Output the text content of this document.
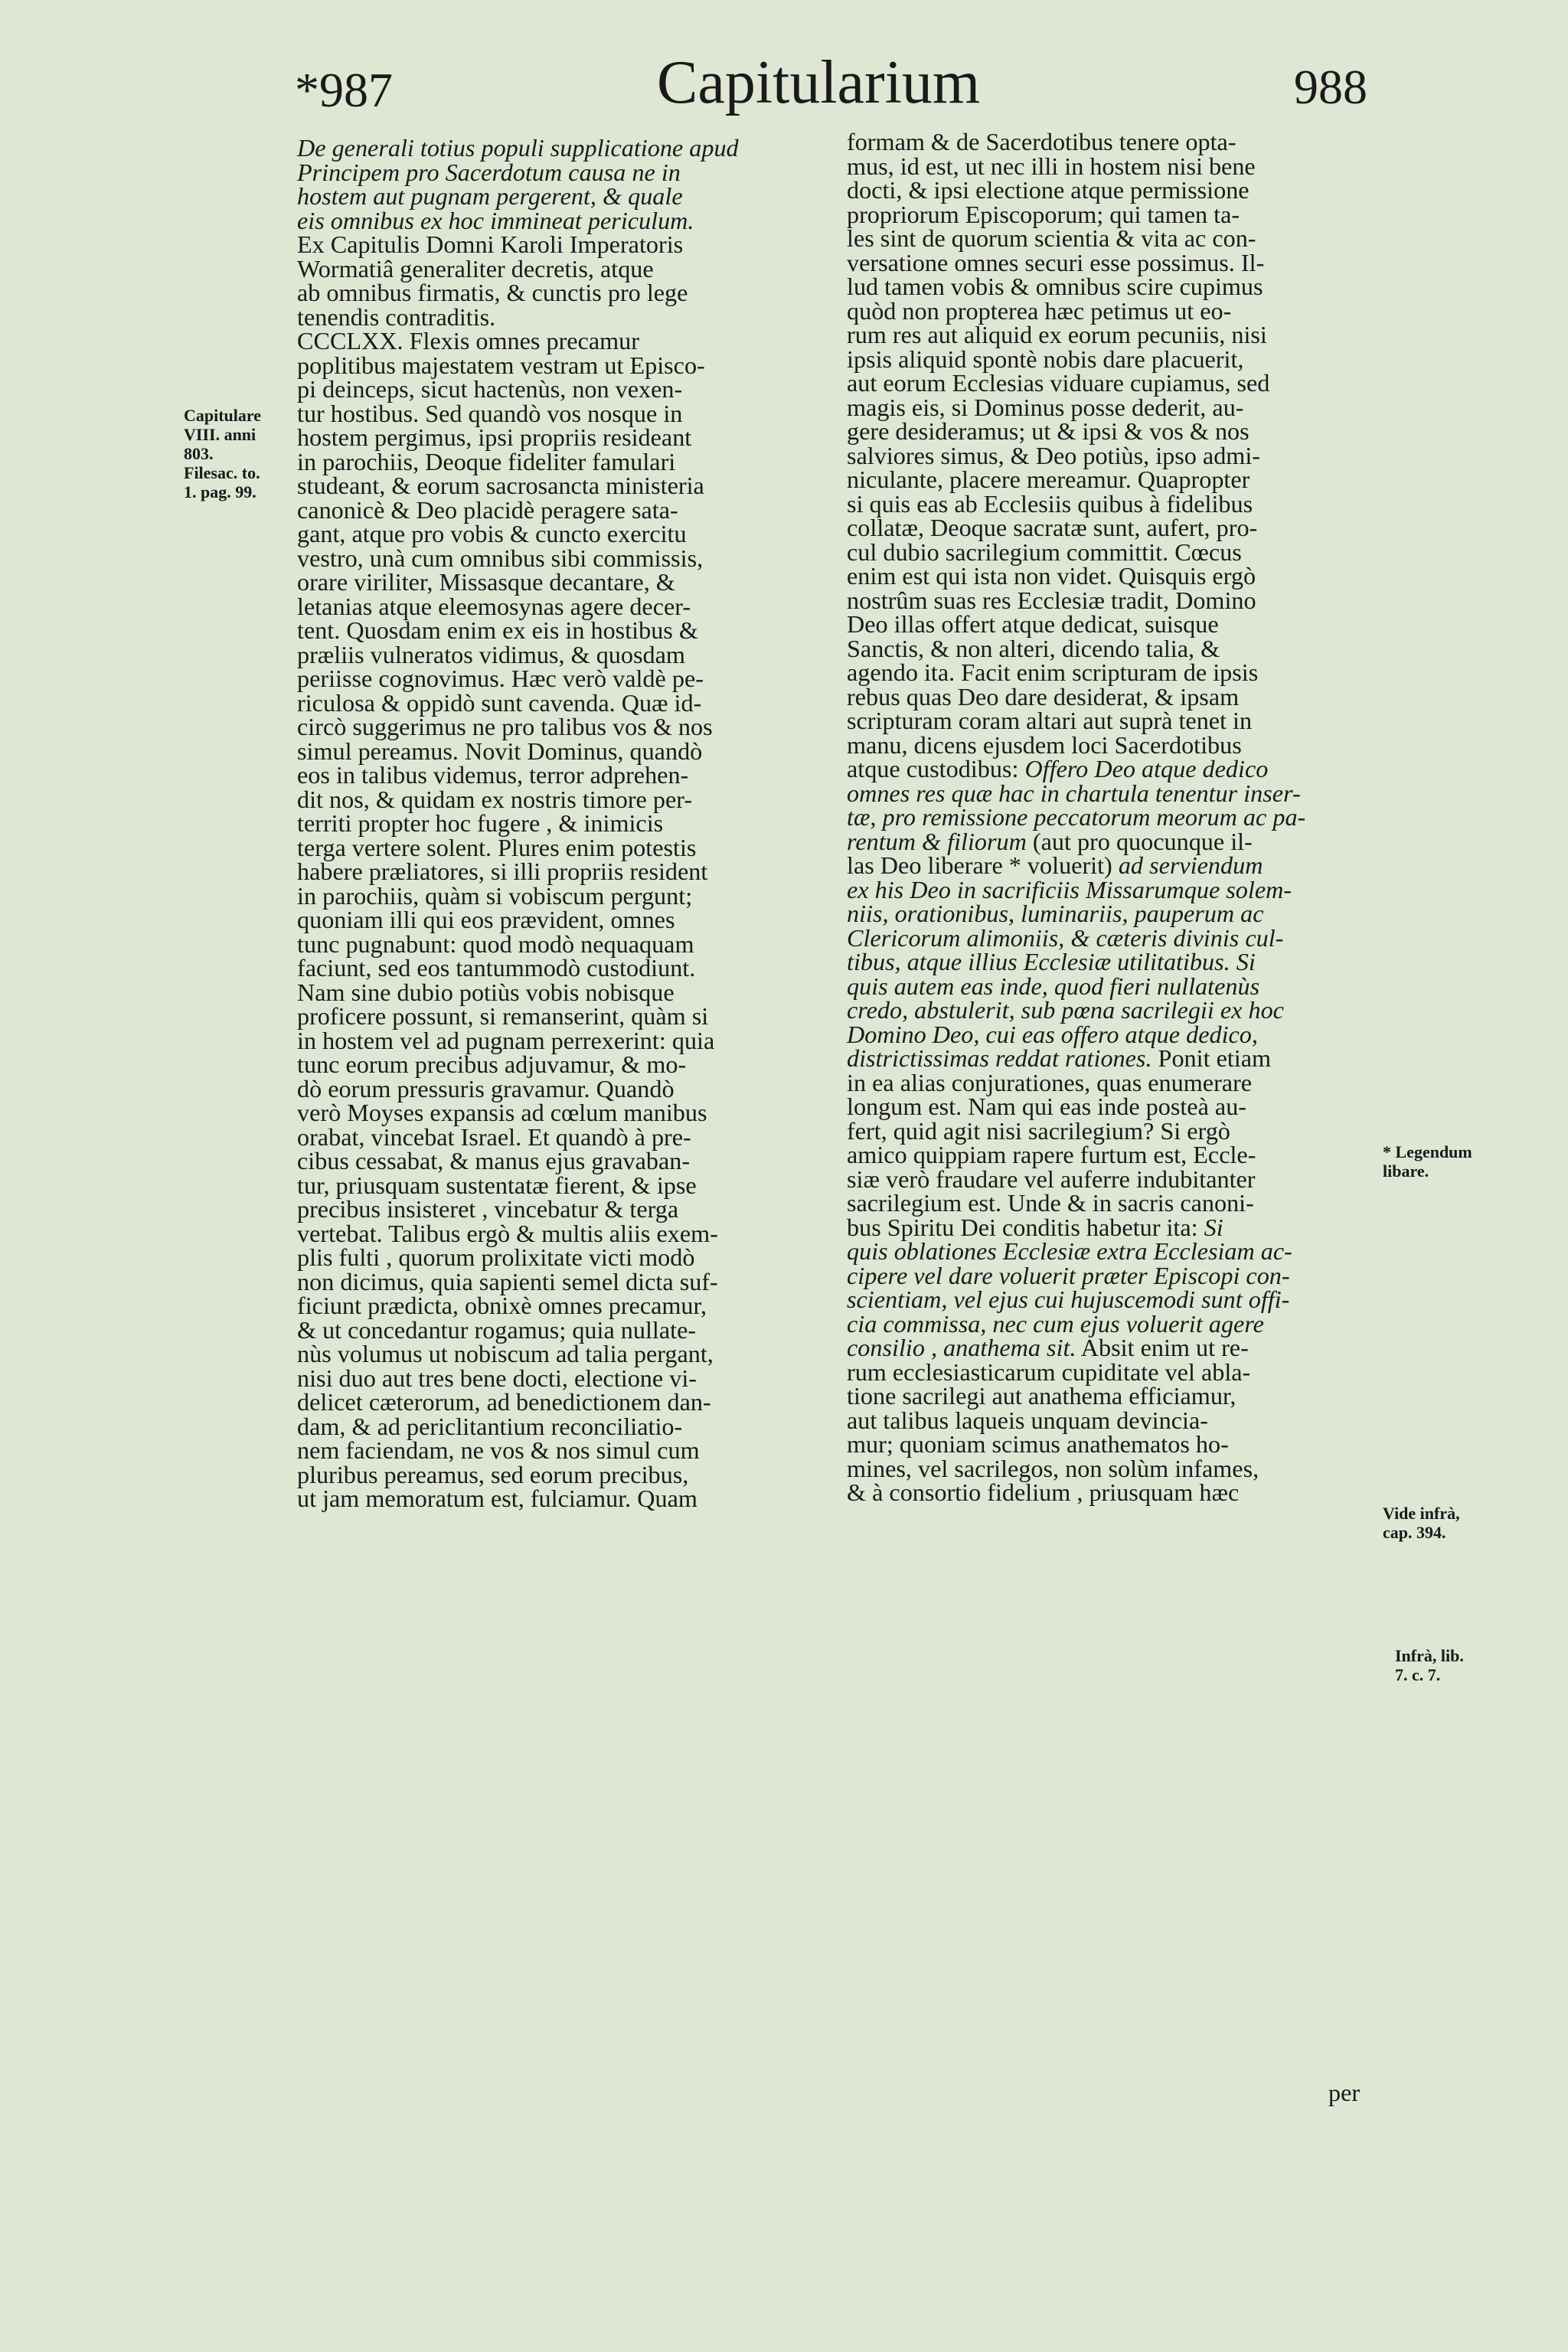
*987	Capitularium	988
De generali totius populi supplicatione apud
Principem pro Sacerdotum causa ne in
hostem aut pugnam pergerent, & quale
eis omnibus ex hoc immineat periculum.
Ex Capitulis Domni Karoli Imperatoris
Wormatiâ generaliter decretis, atque
ab omnibus firmatis, & cunctis pro lege
tenendis contraditis.
CCCLXX. Flexis omnes precamur
poplitibus majestatem vestram ut Episco-
pi deinceps, sicut hactenùs, non vexen-
tur hostibus. Sed quandò vos nosque in
hostem pergimus, ipsi propriis resideant
in parochiis, Deoque fideliter famulari
studeant, & eorum sacrosancta ministeria
canonicè & Deo placidè peragere sata-
gant, atque pro vobis & cuncto exercitu
vestro, unà cum omnibus sibi commissis,
orare viriliter, Missasque decantare, &
letanias atque eleemosynas agere decer-
tent. Quosdam enim ex eis in hostibus &
præliis vulneratos vidimus, & quosdam
periisse cognovimus. Hæc verò valdè pe-
riculosa & oppidò sunt cavenda. Quæ id-
circò suggerimus ne pro talibus vos & nos
simul pereamus. Novit Dominus, quandò
eos in talibus videmus, terror adprehen-
dit nos, & quidam ex nostris timore per-
territi propter hoc fugere , & inimicis
terga vertere solent. Plures enim potestis
habere præliatores, si illi propriis resident
in parochiis, quàm si vobiscum pergunt;
quoniam illi qui eos prævident, omnes
tunc pugnabunt: quod modò nequaquam
faciunt, sed eos tantummodò custodiunt.
Nam sine dubio potiùs vobis nobisque
proficere possunt, si remanserint, quàm si
in hostem vel ad pugnam perrexerint: quia
tunc eorum precibus adjuvamur, & mo-
dò eorum pressuris gravamur. Quandò
verò Moyses expansis ad cœlum manibus
orabat, vincebat Israel. Et quandò à pre-
cibus cessabat, & manus ejus gravaban-
tur, priusquam sustentatæ fierent, & ipse
precibus insisteret , vincebatur & terga
vertebat. Talibus ergò & multis aliis exem-
plis fulti , quorum prolixitate victi modò
non dicimus, quia sapienti semel dicta suf-
ficiunt prædicta, obnixè omnes precamur,
& ut concedantur rogamus; quia nullate-
nùs volumus ut nobiscum ad talia pergant,
nisi duo aut tres bene docti, electione vi-
delicet cæterorum, ad benedictionem dan-
dam, & ad periclitantium reconciliatio-
nem faciendam, ne vos & nos simul cum
pluribus pereamus, sed eorum precibus,
ut jam memoratum est, fulciamur. Quam
formam & de Sacerdotibus tenere opta-
mus, id est, ut nec illi in hostem nisi bene
docti, & ipsi electione atque permissione
propriorum Episcoporum; qui tamen ta-
les sint de quorum scientia & vita ac con-
versatione omnes securi esse possimus. Il-
lud tamen vobis & omnibus scire cupimus
quòd non propterea hæc petimus ut eo-
rum res aut aliquid ex eorum pecuniis, nisi
ipsis aliquid spontè nobis dare placuerit,
aut eorum Ecclesias viduare cupiamus, sed
magis eis, si Dominus posse dederit, au-
gere desideramus; ut & ipsi & vos & nos
salviores simus, & Deo potiùs, ipso admi-
niculante, placere mereamur. Quapropter
si quis eas ab Ecclesiis quibus à fidelibus
collatæ, Deoque sacratæ sunt, aufert, pro-
cul dubio sacrilegium committit. Cœcus
enim est qui ista non videt. Quisquis ergò
nostrûm suas res Ecclesiæ tradit, Domino
Deo illas offert atque dedicat, suisque
Sanctis, & non alteri, dicendo talia, &
agendo ita. Facit enim scripturam de ipsis
rebus quas Deo dare desiderat, & ipsam
scripturam coram altari aut suprà tenet in
manu, dicens ejusdem loci Sacerdotibus
atque custodibus: Offero Deo atque dedico
omnes res quæ hac in chartula tenentur inser-
tæ, pro remissione peccatorum meorum ac pa-
rentum & filiorum (aut pro quocunque il-
las Deo liberare * voluerit) ad serviendum
ex his Deo in sacrificiis Missarumque solem-
niis, orationibus, luminariis, pauperum ac
Clericorum alimoniis, & cæteris divinis cul-
tibus, atque illius Ecclesiæ utilitatibus. Si
quis autem eas inde, quod fieri nullatenùs
credo, abstulerit, sub pœna sacrilegii ex hoc
Domino Deo, cui eas offero atque dedico,
districtissimas reddat rationes. Ponit etiam
in ea alias conjurationes, quas enumerare
longum est. Nam qui eas inde posteà au-
fert, quid agit nisi sacrilegium? Si ergò
amico quippiam rapere furtum est, Eccle-
siæ verò fraudare vel auferre indubitanter
sacrilegium est. Unde & in sacris canoni-
bus Spiritu Dei conditis habetur ita: Si
quis oblationes Ecclesiæ extra Ecclesiam ac-
cipere vel dare voluerit præter Episcopi con-
scientiam, vel ejus cui hujuscemodi sunt offi-
cia commissa, nec cum ejus voluerit agere
consilio , anathema sit. Absit enim ut re-
rum ecclesiasticarum cupiditate vel abla-
tione sacrilegi aut anathema efficiamur,
aut talibus laqueis unquam devincia-
mur; quoniam scimus anathematos ho-
mines, vel sacrilegos, non solùm infames,
& à consortio fidelium , priusquam hæc
per
Capitulare
VIII. anni
803.
Filesac. to.
1. pag. 99.
* Legendum
libare.
Vide infrà,
cap. 394.
Infrà, lib.
7. c. 7.
